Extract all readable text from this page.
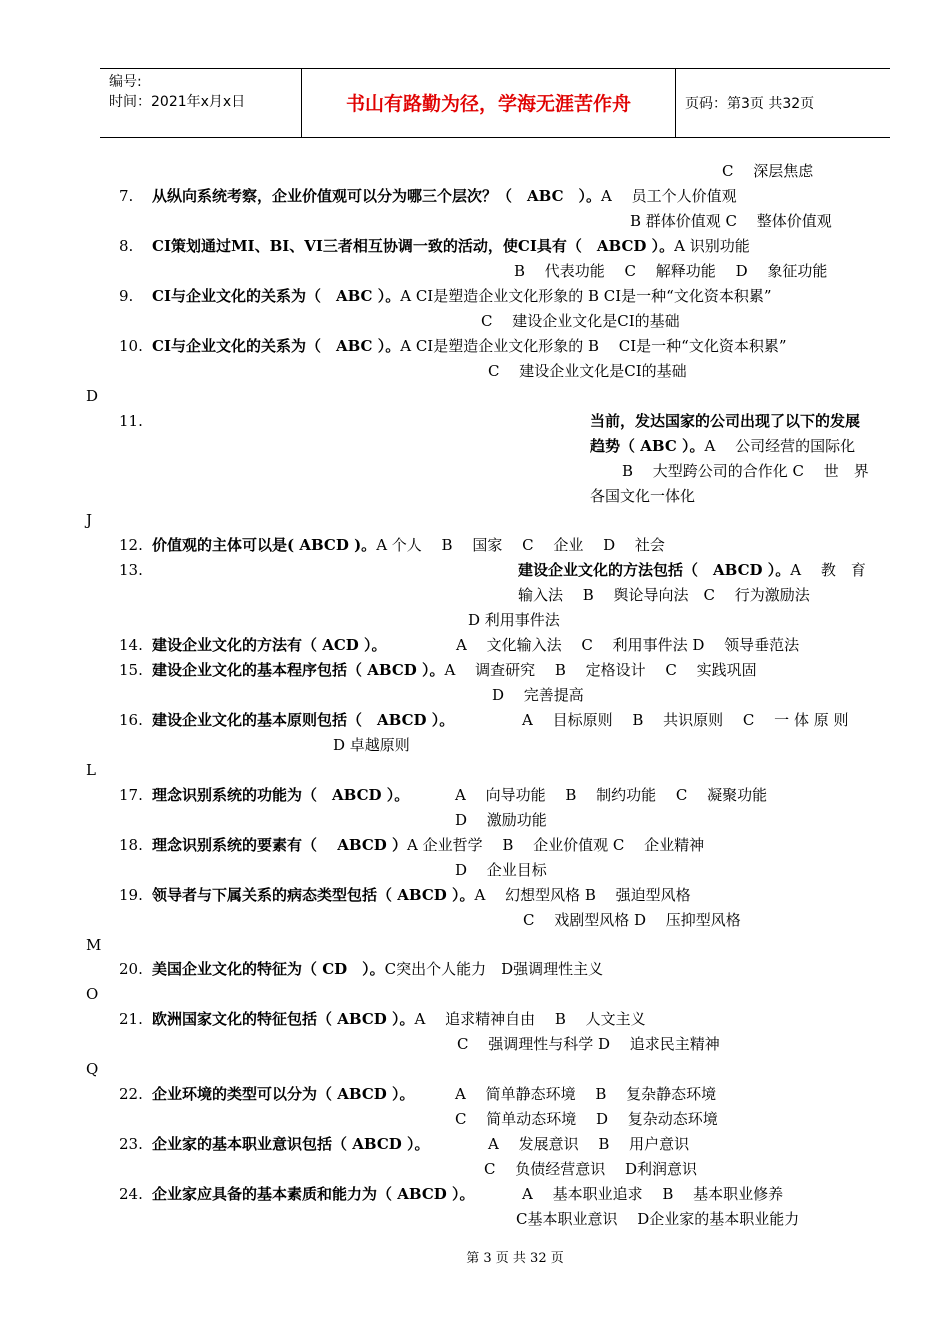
编号:
时间：2021年x月x日	书山有路勤为径，学海无涯苦作舟	页码：第3页 共32页
C　 深层焦虑
7. 从纵向系统考察，企业价值观可以分为哪三个层次？（　ABC　）。A　 员工个人价值观
B 群体价值观 C　 整体价值观
8. CI策划通过MI、BI、VI三者相互协调一致的活动，使CI具有（　ABCD ）。A 识别功能
B　 代表功能　 C　 解释功能　 D　 象征功能
9. CI与企业文化的关系为（　ABC ）。A CI是塑造企业文化形象的 B CI是一种“文化资本积累”
C　 建设企业文化是CI的基础
10. CI与企业文化的关系为（　ABC ）。A CI是塑造企业文化形象的 B　 CI是一种“文化资本积累”
C　 建设企业文化是CI的基础
D
11.	当前，发达国家的公司出现了以下的发展
趋势（ ABC ）。A　 公司经营的国际化
B　 大型跨公司的合作化 C　 世　界
各国文化一体化
J
12. 价值观的主体可以是( ABCD )。A 个人　 B　 国家　 C　 企业　 D　 社会
13.	建设企业文化的方法包括（　ABCD ）。A　 教　育
输入法　 B　 舆论导向法　C　 行为激励法
D 利用事件法
14. 建设企业文化的方法有（ ACD ）。	A　 文化输入法　 C　 利用事件法 D　 领导垂范法
15. 建设企业文化的基本程序包括（ ABCD ）。A　 调查研究　 B　 定格设计　 C　 实践巩固
D　 完善提高
16. 建设企业文化的基本原则包括（　ABCD ）。	A　 目标原则　 B　 共识原则　 C　 一 体 原 则
D 卓越原则
L
17. 理念识别系统的功能为（　ABCD ）。	A　 向导功能　 B　 制约功能　 C　 凝聚功能
D　 激励功能
18. 理念识别系统的要素有（　 ABCD ）A 企业哲学　 B　 企业价值观 C　 企业精神
D　 企业目标
19. 领导者与下属关系的病态类型包括（ ABCD ）。A　 幻想型风格 B　 强迫型风格
C　 戏剧型风格 D　 压抑型风格
M
20. 美国企业文化的特征为（ CD　）。C突出个人能力　D强调理性主义
O
21. 欧洲国家文化的特征包括（ ABCD ）。A　 追求精神自由　 B　 人文主义
C　 强调理性与科学 D　 追求民主精神
Q
22. 企业环境的类型可以分为（ ABCD ）。	A　 简单静态环境　 B　 复杂静态环境
C　 简单动态环境　 D　 复杂动态环境
23. 企业家的基本职业意识包括（ ABCD ）。	A　 发展意识　 B　 用户意识
C　 负债经营意识　 D利润意识
24. 企业家应具备的基本素质和能力为（ ABCD ）。	A　 基本职业追求　 B　 基本职业修养
C基本职业意识　 D企业家的基本职业能力
第 3 页 共 32 页
